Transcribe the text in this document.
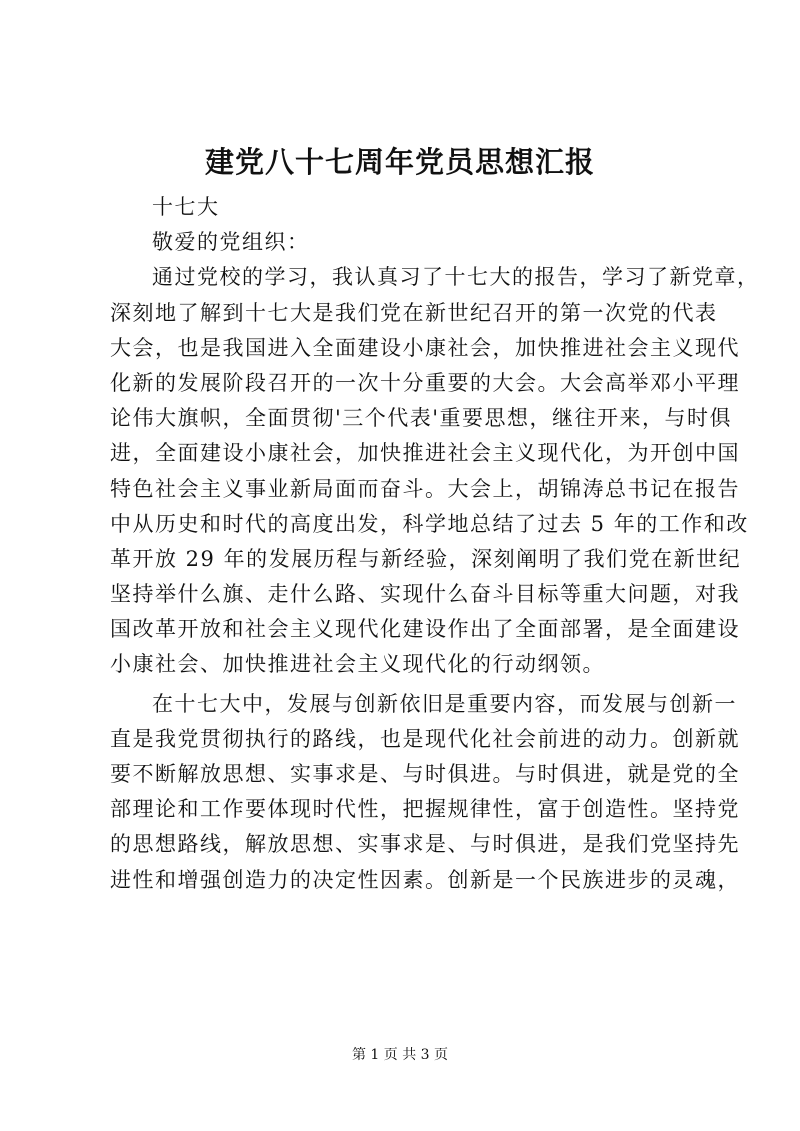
建党八十七周年党员思想汇报
十七大
敬爱的党组织：
通过党校的学习，我认真习了十七大的报告，学习了新党章，
深刻地了解到十七大是我们党在新世纪召开的第一次党的代表
大会，也是我国进入全面建设小康社会，加快推进社会主义现代
化新的发展阶段召开的一次十分重要的大会。大会高举邓小平理
论伟大旗帜，全面贯彻'三个代表'重要思想，继往开来，与时俱
进，全面建设小康社会，加快推进社会主义现代化，为开创中国
特色社会主义事业新局面而奋斗。大会上，胡锦涛总书记在报告
中从历史和时代的高度出发，科学地总结了过去 5 年的工作和改
革开放 29 年的发展历程与新经验，深刻阐明了我们党在新世纪
坚持举什么旗、走什么路、实现什么奋斗目标等重大问题，对我
国改革开放和社会主义现代化建设作出了全面部署，是全面建设
小康社会、加快推进社会主义现代化的行动纲领。
在十七大中，发展与创新依旧是重要内容，而发展与创新一
直是我党贯彻执行的路线，也是现代化社会前进的动力。创新就
要不断解放思想、实事求是、与时俱进。与时俱进，就是党的全
部理论和工作要体现时代性，把握规律性，富于创造性。坚持党
的思想路线，解放思想、实事求是、与时俱进，是我们党坚持先
进性和增强创造力的决定性因素。创新是一个民族进步的灵魂，
第 1 页 共 3 页
